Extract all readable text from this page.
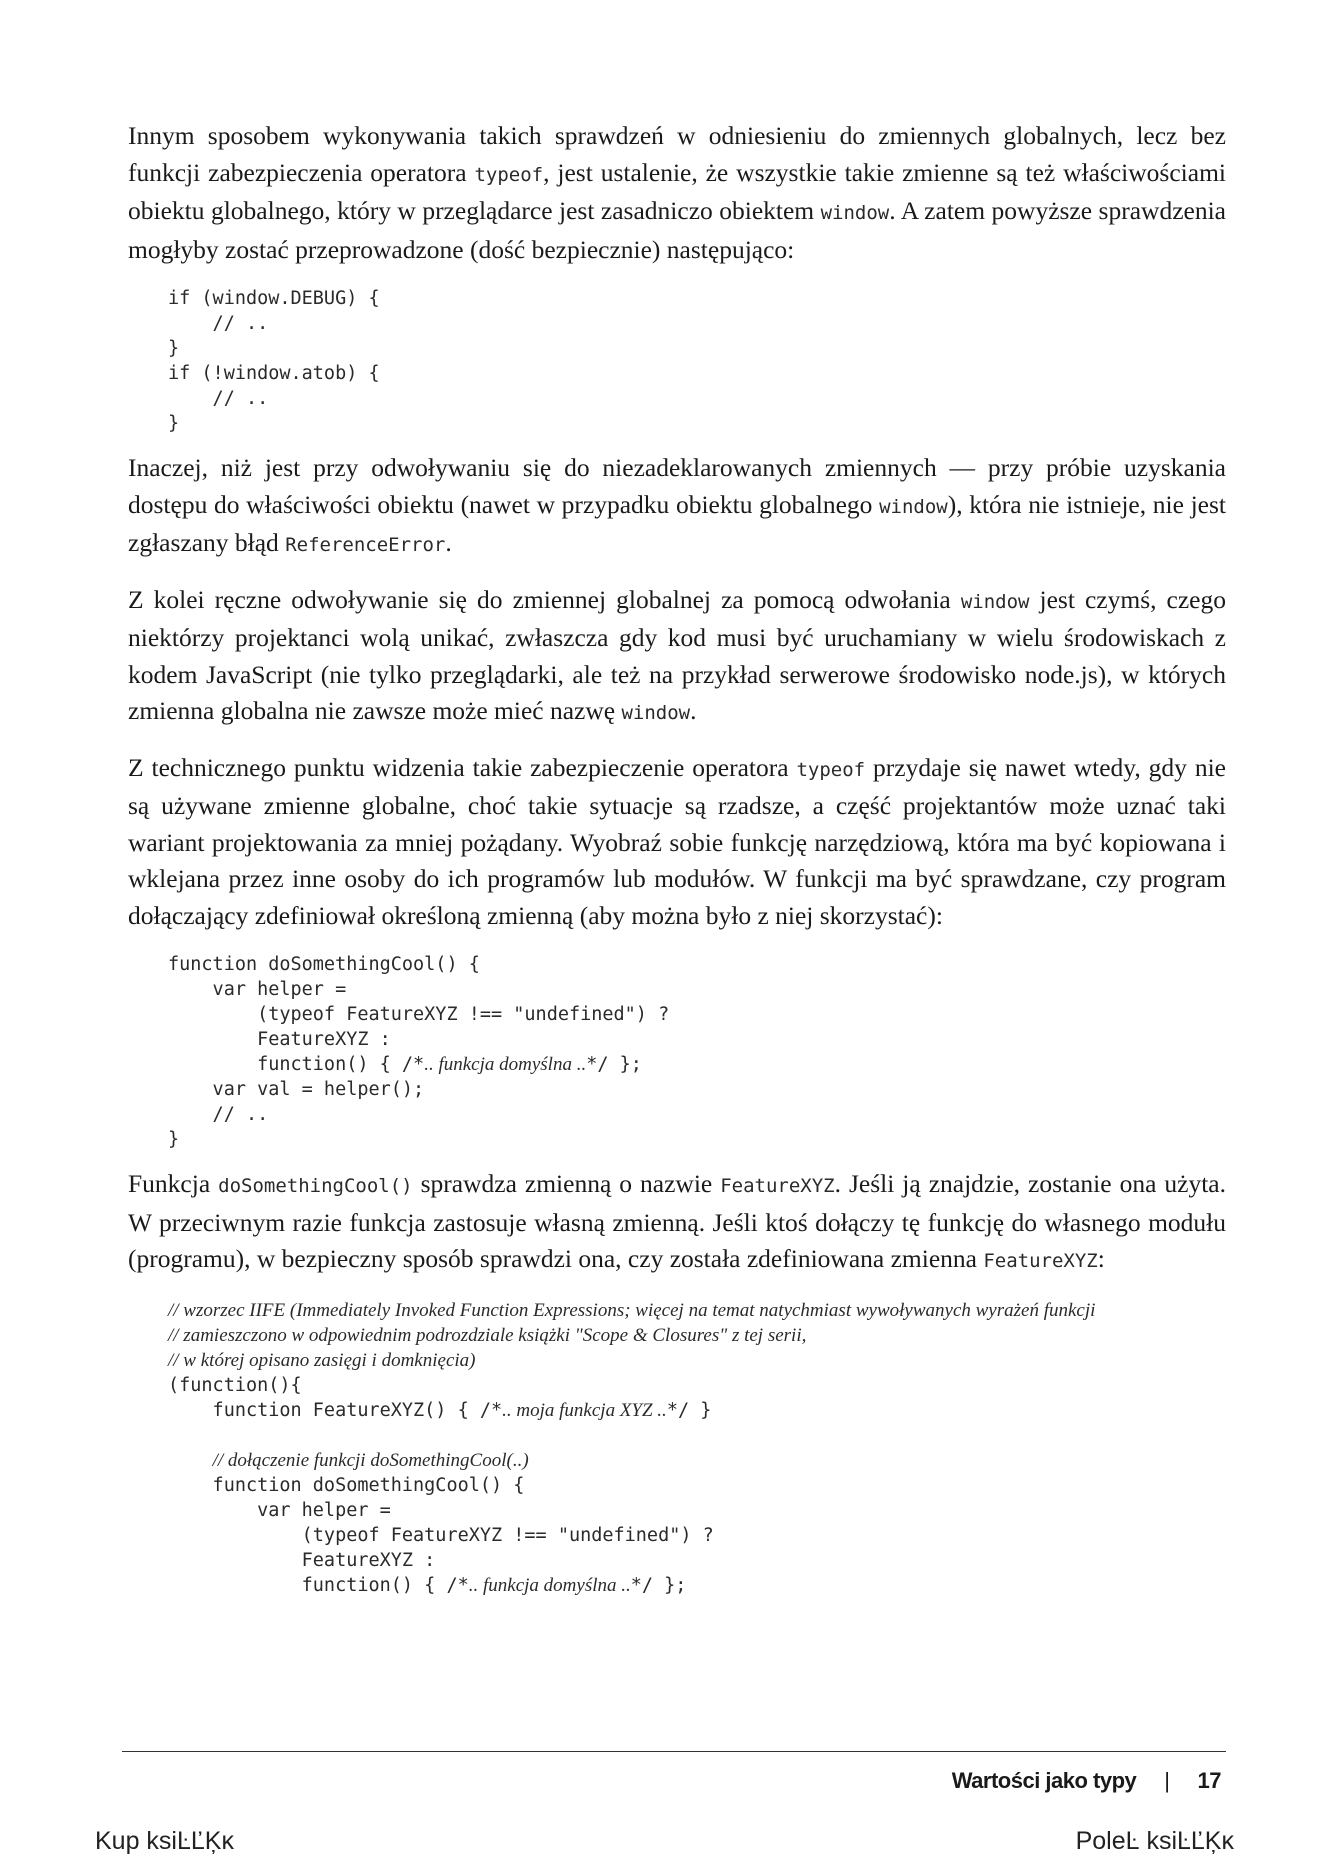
Innym sposobem wykonywania takich sprawdzeń w odniesieniu do zmiennych globalnych, lecz bez funkcji zabezpieczenia operatora typeof, jest ustalenie, że wszystkie takie zmienne są też właściwościami obiektu globalnego, który w przeglądarce jest zasadniczo obiektem window. A zatem powyższe sprawdzenia mogłyby zostać przeprowadzone (dość bezpiecznie) następująco:

if (window.DEBUG) {
// ..
}
if (!window.atob) {
// ..
}

Inaczej, niż jest przy odwoływaniu się do niezadeklarowanych zmiennych — przy próbie uzyskania dostępu do właściwości obiektu (nawet w przypadku obiektu globalnego window), która nie istnieje, nie jest zgłaszany błąd ReferenceError.

Z kolei ręczne odwoływanie się do zmiennej globalnej za pomocą odwołania window jest czymś, czego niektórzy projektanci wolą unikać, zwłaszcza gdy kod musi być uruchamiany w wielu środowiskach z kodem JavaScript (nie tylko przeglądarki, ale też na przykład serwerowe środowisko node.js), w których zmienna globalna nie zawsze może mieć nazwę window.

Z technicznego punktu widzenia takie zabezpieczenie operatora typeof przydaje się nawet wtedy, gdy nie są używane zmienne globalne, choć takie sytuacje są rzadsze, a część projektantów może uznać taki wariant projektowania za mniej pożądany. Wyobraź sobie funkcję narzędziową, która ma być kopiowana i wklejana przez inne osoby do ich programów lub modułów. W funkcji ma być sprawdzane, czy program dołączający zdefiniował określoną zmienną (aby można było z niej skorzystać):

function doSomethingCool() {
var helper =
(typeof FeatureXYZ !== "undefined") ?
FeatureXYZ :
function() { /*.. funkcja domyślna ..*/ };
var val = helper();
// ..
}

Funkcja doSomethingCool() sprawdza zmienną o nazwie FeatureXYZ. Jeśli ją znajdzie, zostanie ona użyta. W przeciwnym razie funkcja zastosuje własną zmienną. Jeśli ktoś dołączy tę funkcję do własnego modułu (programu), w bezpieczny sposób sprawdzi ona, czy została zdefiniowana zmienna FeatureXYZ:

// wzorzec IIFE (Immediately Invoked Function Expressions; więcej na temat natychmiast wywoływanych wyrażeń funkcji
// zamieszczono w odpowiednim podrozdziale książki "Scope & Closures" z tej serii,
// w której opisano zasięgi i domknięcia)
(function(){
function FeatureXYZ() { /*.. moja funkcja XYZ ..*/ }

// dołączenie funkcji doSomethingCool(..)
function doSomethingCool() {
var helper =
(typeof FeatureXYZ !== "undefined") ?
FeatureXYZ :
function() { /*.. funkcja domyślna ..*/ };
Wartości jako typy | 17
Kup ksiĿĽĶĸ	PoleĿ ksiĿĽĶĸ
